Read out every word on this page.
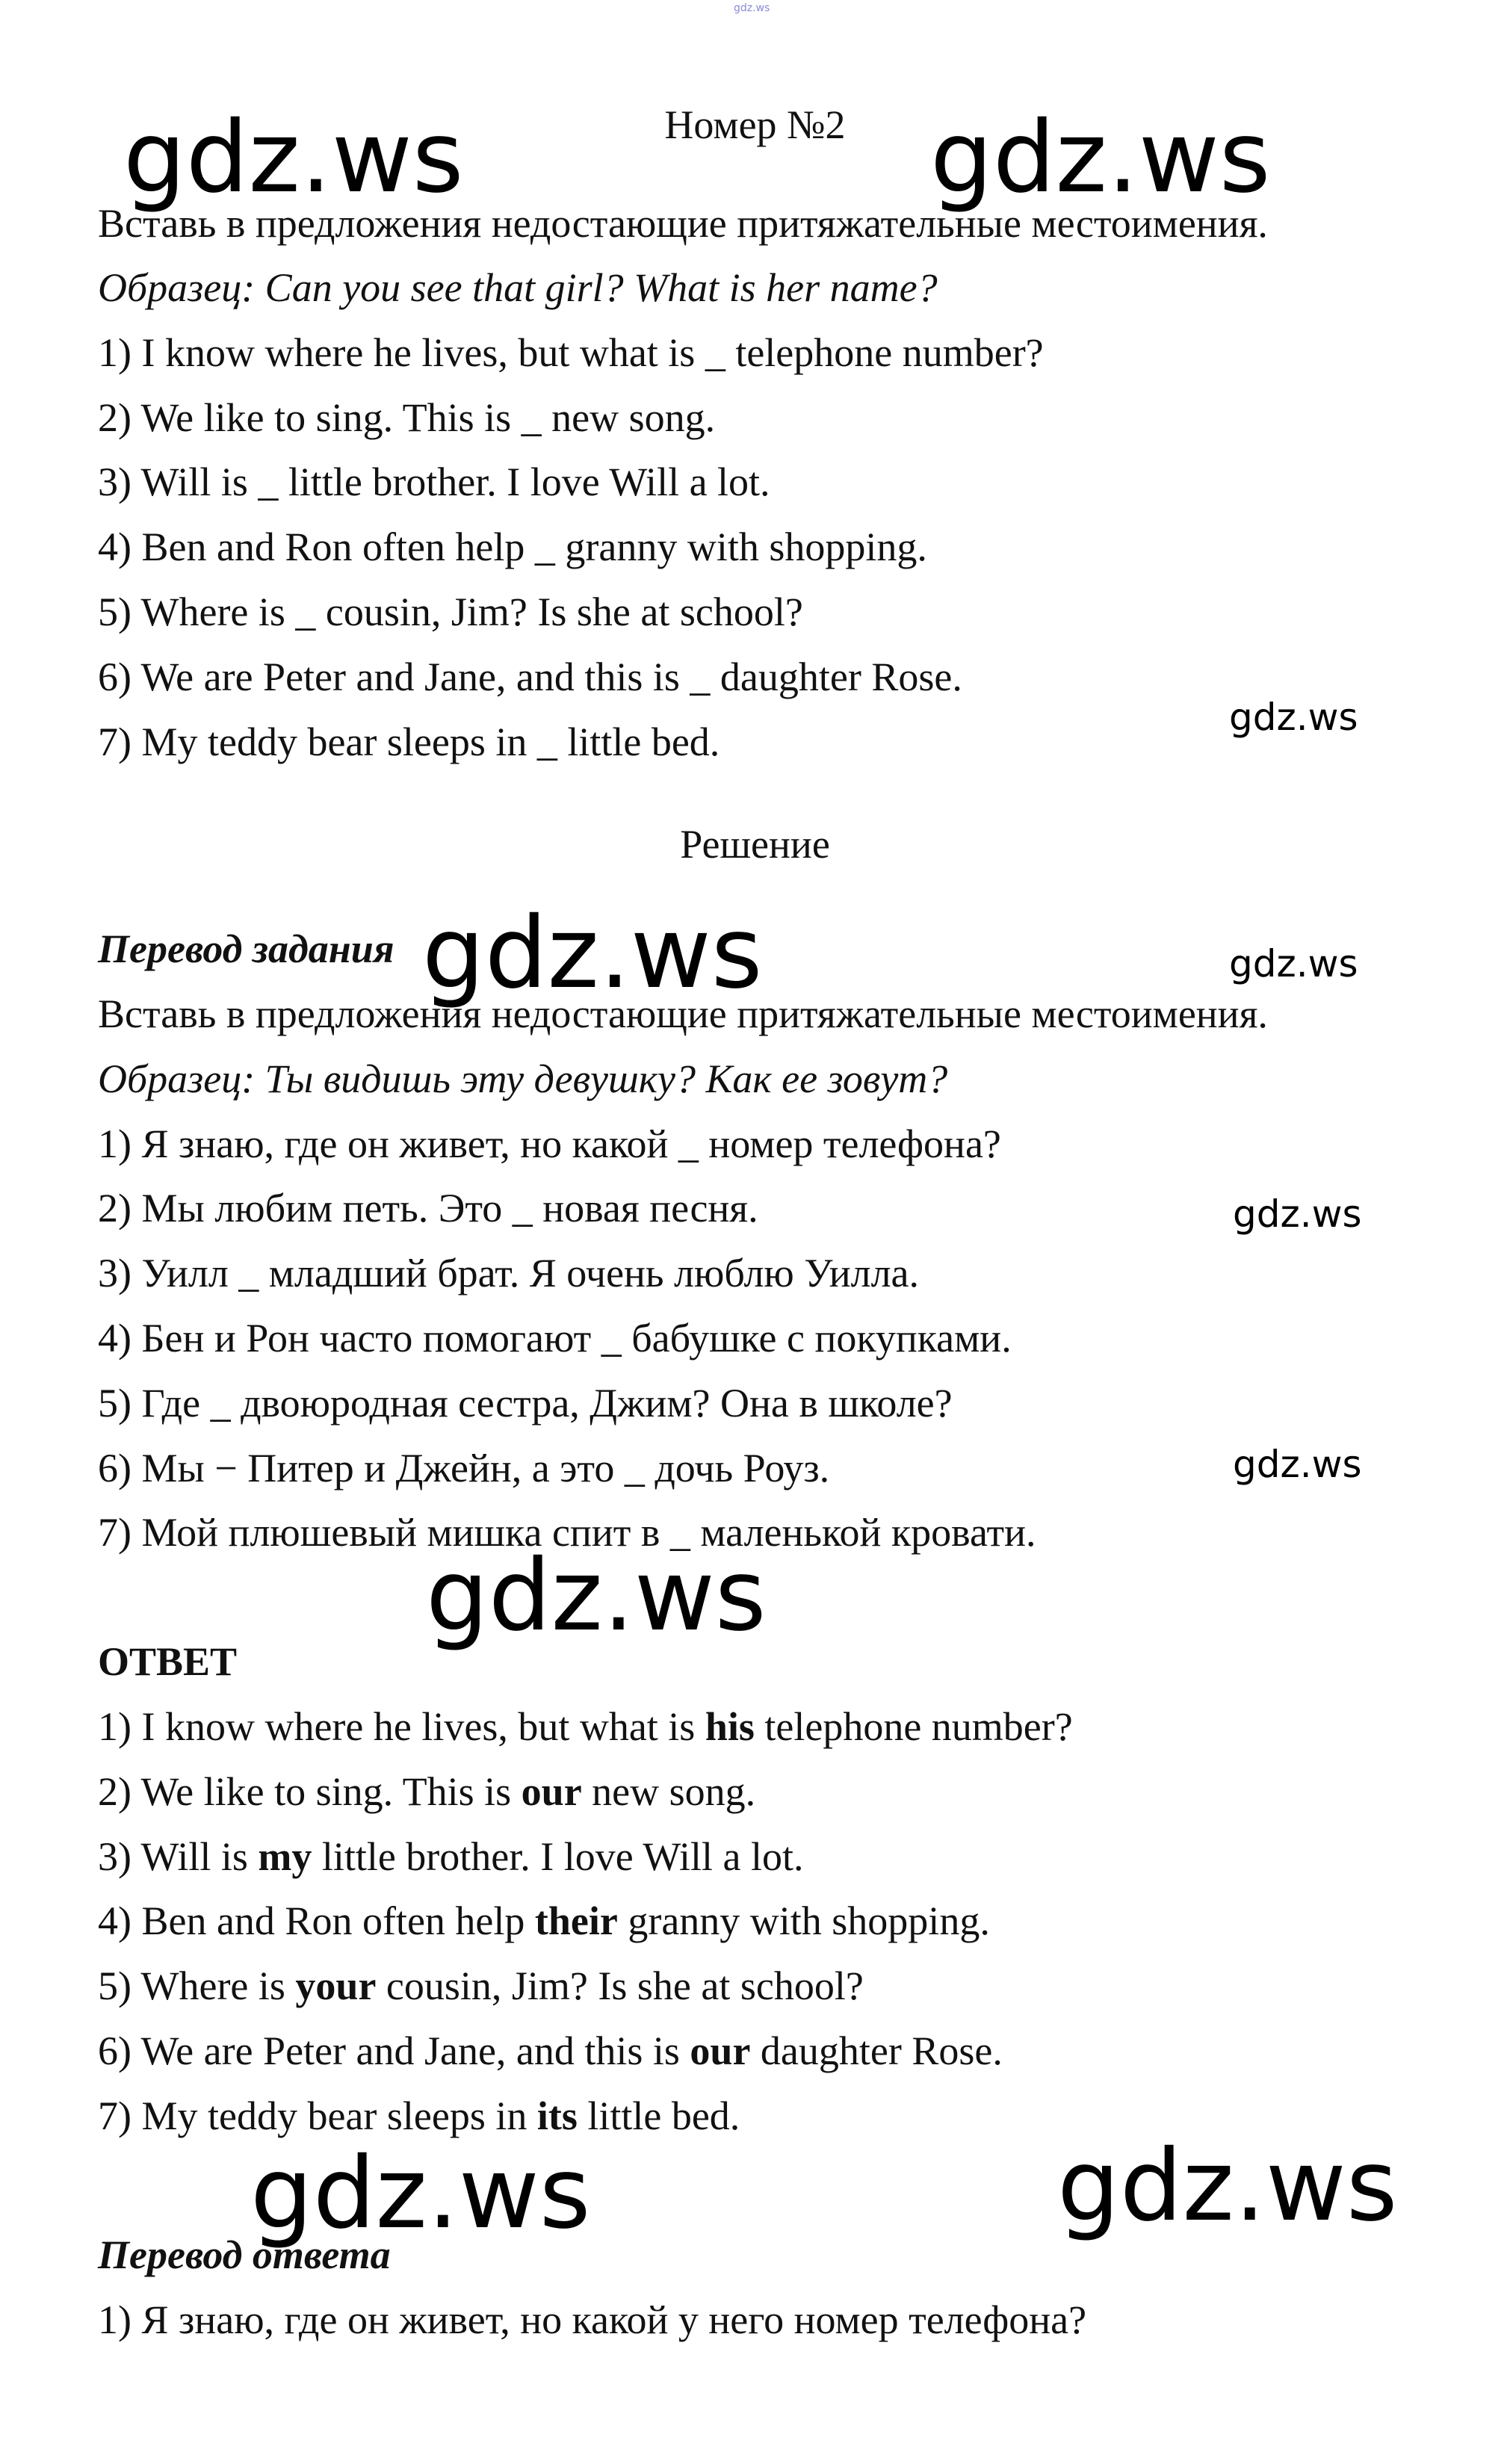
gdz.ws

Номер №2

Вставь в предложения недостающие притяжательные местоимения.

Образец: Can you see that girl? What is her name?

1) I know where he lives, but what is _ telephone number?

2) We like to sing. This is _ new song.

3) Will is _ little brother. I love Will a lot.

4) Ben and Ron often help _ granny with shopping.

5) Where is _ cousin, Jim? Is she at school?

6) We are Peter and Jane, and this is _ daughter Rose.

7) My teddy bear sleeps in _ little bed.

Решение

Перевод задания

Вставь в предложения недостающие притяжательные местоимения.

Образец: Ты видишь эту девушку? Как ее зовут?

1) Я знаю, где он живет, но какой _ номер телефона?

2) Мы любим петь. Это _ новая песня.

3) Уилл _ младший брат. Я очень люблю Уилла.

4) Бен и Рон часто помогают _ бабушке с покупками.

5) Где _ двоюродная сестра, Джим? Она в школе?

6) Мы − Питер и Джейн, а это _ дочь Роуз.

7) Мой плюшевый мишка спит в _ маленькой кровати.

ОТВЕТ

1) I know where he lives, but what is his telephone number?

2) We like to sing. This is our new song.

3) Will is my little brother. I love Will a lot.

4) Ben and Ron often help their granny with shopping.

5) Where is your cousin, Jim? Is she at school?

6) We are Peter and Jane, and this is our daughter Rose.

7) My teddy bear sleeps in its little bed.

Перевод ответа

1) Я знаю, где он живет, но какой у него номер телефона?

gdz.ws	gdz.ws

gdz.ws

gdz.ws	gdz.ws

gdz.ws

gdz.ws

gdz.ws

gdz.ws	gdz.ws
